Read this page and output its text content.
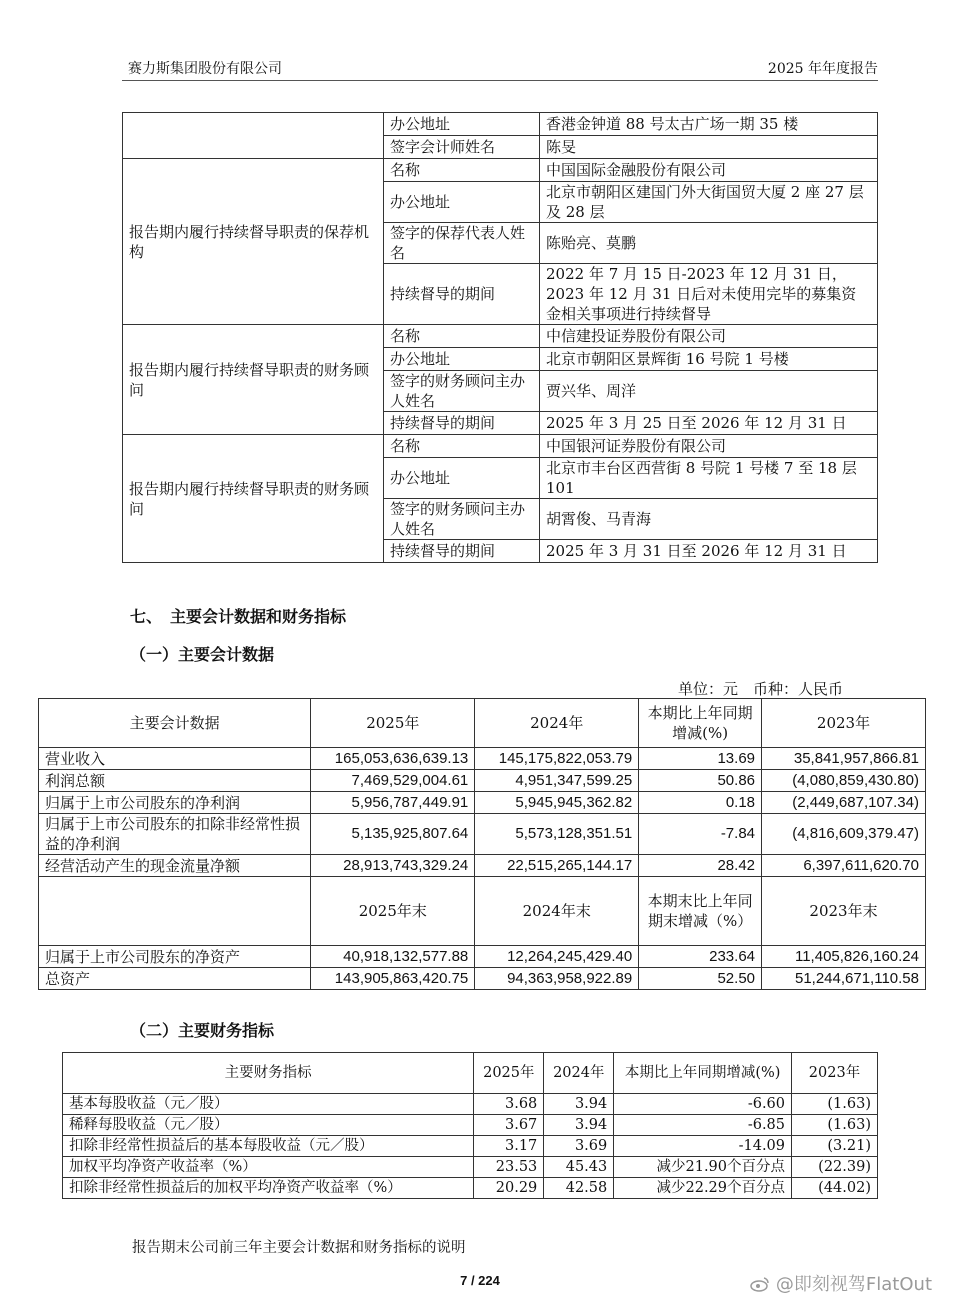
赛力斯集团股份有限公司	2025 年年度报告
	办公地址	香港金钟道 88 号太古广场一期 35 楼
	签字会计师姓名	陈旻
报告期内履行持续督导职责的保荐机构	名称	中国国际金融股份有限公司
	办公地址	北京市朝阳区建国门外大街国贸大厦 2 座 27 层及 28 层
	签字的保荐代表人姓名	陈贻亮、莫鹏
	持续督导的期间	2022 年 7 月 15 日-2023 年 12 月 31 日，2023 年 12 月 31 日后对未使用完毕的募集资金相关事项进行持续督导
报告期内履行持续督导职责的财务顾问	名称	中信建投证券股份有限公司
	办公地址	北京市朝阳区景辉街 16 号院 1 号楼
	签字的财务顾问主办人姓名	贾兴华、周洋
	持续督导的期间	2025 年 3 月 25 日至 2026 年 12 月 31 日
报告期内履行持续督导职责的财务顾问	名称	中国银河证券股份有限公司
	办公地址	北京市丰台区西营街 8 号院 1 号楼 7 至 18 层 101
	签字的财务顾问主办人姓名	胡霄俊、马青海
	持续督导的期间	2025 年 3 月 31 日至 2026 年 12 月 31 日
七、　主要会计数据和财务指标
（一）主要会计数据
单位：元　币种：人民币
主要会计数据	2025年	2024年	本期比上年同期增减(%)	2023年
营业收入	165,053,636,639.13	145,175,822,053.79	13.69	35,841,957,866.81
利润总额	7,469,529,004.61	4,951,347,599.25	50.86	(4,080,859,430.80)
归属于上市公司股东的净利润	5,956,787,449.91	5,945,945,362.82	0.18	(2,449,687,107.34)
归属于上市公司股东的扣除非经常性损益的净利润	5,135,925,807.64	5,573,128,351.51	-7.84	(4,816,609,379.47)
经营活动产生的现金流量净额	28,913,743,329.24	22,515,265,144.17	28.42	6,397,611,620.70
	2025年末	2024年末	本期末比上年同期末增减（%）	2023年末
归属于上市公司股东的净资产	40,918,132,577.88	12,264,245,429.40	233.64	11,405,826,160.24
总资产	143,905,863,420.75	94,363,958,922.89	52.50	51,244,671,110.58
（二）主要财务指标
主要财务指标	2025年	2024年	本期比上年同期增减(%)	2023年
基本每股收益（元／股）	3.68	3.94	-6.60	(1.63)
稀释每股收益（元／股）	3.67	3.94	-6.85	(1.63)
扣除非经常性损益后的基本每股收益（元／股）	3.17	3.69	-14.09	(3.21)
加权平均净资产收益率（%）	23.53	45.43	减少21.90个百分点	(22.39)
扣除非经常性损益后的加权平均净资产收益率（%）	20.29	42.58	减少22.29个百分点	(44.02)
报告期末公司前三年主要会计数据和财务指标的说明
7 / 224	@即刻视驾FlatOut
